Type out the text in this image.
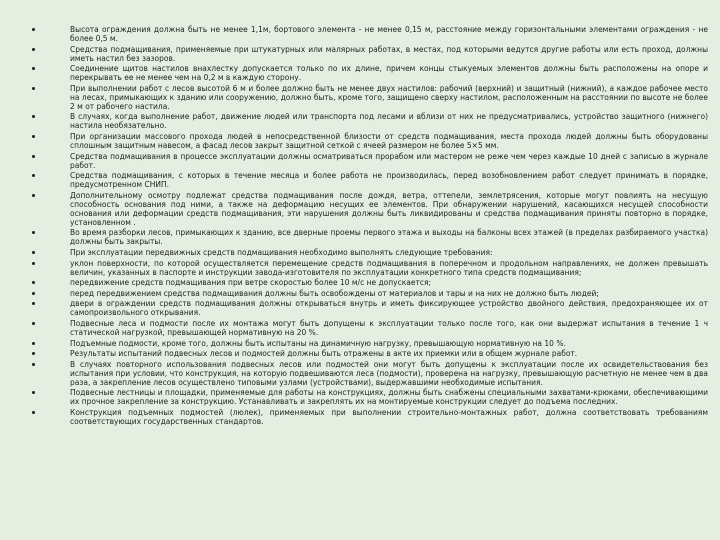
Высота ограждения должна быть не менее 1,1м, бортового элемента - не менее 0,15 м, расстояние между горизонтальными элементами ограждения - не более 0,5 м.
Средства подмащивания, применяемые при штукатурных или малярных работах, в местах, под которыми ведутся другие работы или есть проход, должны иметь настил без зазоров.
Соединение щитов настилов внахлестку допускается только по их длине, причем концы стыкуемых элементов должны быть расположены на опоре и перекрывать ее не менее чем на 0,2 м в каждую сторону.
При выполнении работ с лесов высотой 6 м и более должно быть не менее двух настилов: рабочий (верхний) и защитный (нижний), а каждое рабочее место на лесах, примыкающих к зданию или сооружению, должно быть, кроме того, защищено сверху настилом, расположенным на расстоянии по высоте не более 2 м от рабочего настила.
В случаях, когда выполнение работ, движение людей или транспорта под лесами и вблизи от них не предусматривались, устройство защитного (нижнего) настила необязательно.
При организации массового прохода людей в непосредственной близости от средств подмащивания, места прохода людей должны быть оборудованы сплошным защитным навесом, а фасад лесов закрыт защитной сеткой с ячеей размером не более 5×5 мм.
Средства подмащивания в процессе эксплуатации должны осматриваться прорабом или мастером не реже чем через каждые 10 дней с записью в журнале работ.
Средства подмащивания, с которых в течение месяца и более работа не производилась, перед возобновлением работ следует принимать в порядке, предусмотренном СНИП.
Дополнительному осмотру подлежат средства подмащивания после дождя, ветра, оттепели, землетрясения, которые могут повлиять на несущую способность основания под ними, а также на деформацию несущих ее элементов. При обнаружении нарушений, касающихся несущей способности основания или деформации средств подмащивания, эти нарушения должны быть ликвидированы и средства подмащивания приняты повторно в порядке, установленном .
Во время разборки лесов, примыкающих к зданию, все дверные проемы первого этажа и выходы на балконы всех этажей (в пределах разбираемого участка) должны быть закрыты.
При эксплуатации передвижных средств подмащивания необходимо выполнять следующие требования:
уклон поверхности, по которой осуществляется перемещение средств подмащивания в поперечном и продольном направлениях, не должен превышать величин, указанных в паспорте и инструкции завода-изготовителя по эксплуатации конкретного типа средств подмащивания;
передвижение средств подмащивания при ветре скоростью более 10 м/с не допускается;
перед передвижением средства подмащивания должны быть освобождены от материалов и тары и на них не должно быть людей;
двери в ограждении средств подмащивания должны открываться внутрь и иметь фиксирующее устройство двойного действия, предохраняющее их от самопроизвольного открывания.
Подвесные леса и подмости после их монтажа могут быть допущены к эксплуатации только после того, как они выдержат испытания в течение 1 ч статической нагрузкой, превышающей нормативную на 20 %.
Подъемные подмости, кроме того, должны быть испытаны на динамичную нагрузку, превышающую нормативную на 10 %.
Результаты испытаний подвесных лесов и подмостей должны быть отражены в акте их приемки или в общем журнале работ.
В случаях повторного использования подвесных лесов или подмостей они могут быть допущены к эксплуатации после их освидетельствования без испытания при условии, что конструкция, на которую подвешиваются леса (подмости), проверена на нагрузку, превышающую расчетную не менее чем в два раза, а закрепление лесов осуществлено типовыми узлами (устройствами), выдержавшими необходимые испытания.
Подвесные лестницы и площадки, применяемые для работы на конструкциях, должны быть снабжены специальными захватами-крюками, обеспечивающими их прочное закрепление за конструкцию. Устанавливать и закреплять их на монтируемые конструкции следует до подъема последних.
Конструкция подъемных подмостей (люлек), применяемых при выполнении строительно-монтажных работ, должна соответствовать требованиям соответствующих государственных стандартов.
